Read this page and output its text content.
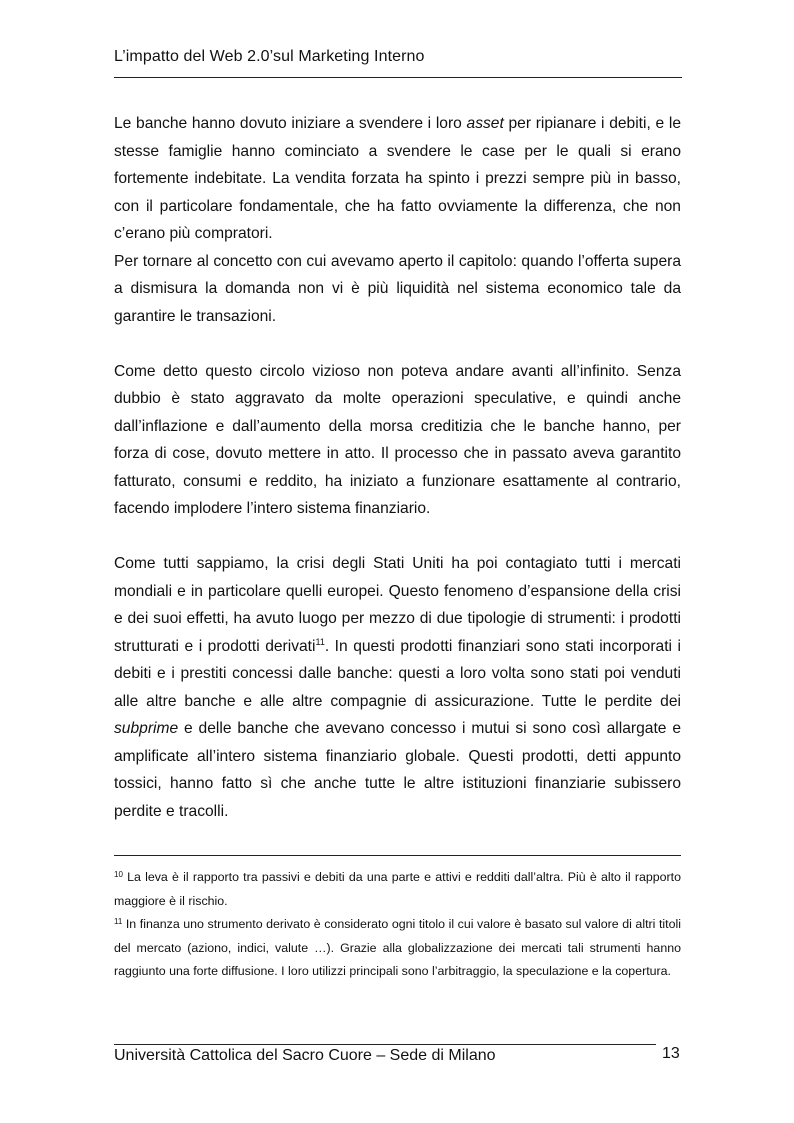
L’impatto del Web 2.0’sul Marketing Interno

Le banche hanno dovuto iniziare a svendere i loro asset per ripianare i debiti, e le stesse famiglie hanno cominciato a svendere le case per le quali si erano fortemente indebitate. La vendita forzata ha spinto i prezzi sempre più in basso, con il particolare fondamentale, che ha fatto ovviamente la differenza, che non c’erano più compratori.

Per tornare al concetto con cui avevamo aperto il capitolo: quando l’offerta supera a dismisura la domanda non vi è più liquidità nel sistema economico tale da garantire le transazioni.

Come detto questo circolo vizioso non poteva andare avanti all’infinito. Senza dubbio è stato aggravato da molte operazioni speculative, e quindi anche dall’inflazione e dall’aumento della morsa creditizia che le banche hanno, per forza di cose, dovuto mettere in atto. Il processo che in passato aveva garantito fatturato, consumi e reddito, ha iniziato a funzionare esattamente al contrario, facendo implodere l’intero sistema finanziario.

Come tutti sappiamo, la crisi degli Stati Uniti ha poi contagiato tutti i mercati mondiali e in particolare quelli europei. Questo fenomeno d’espansione della crisi e dei suoi effetti, ha avuto luogo per mezzo di due tipologie di strumenti: i prodotti strutturati e i prodotti derivati$^{11}$. In questi prodotti finanziari sono stati incorporati i debiti e i prestiti concessi dalle banche: questi a loro volta sono stati poi venduti alle altre banche e alle altre compagnie di assicurazione. Tutte le perdite dei subprime e delle banche che avevano concesso i mutui si sono così allargate e amplificate all’intero sistema finanziario globale. Questi prodotti, detti appunto tossici, hanno fatto sì che anche tutte le altre istituzioni finanziarie subissero perdite e tracolli.

$^{10}$ La leva è il rapporto tra passivi e debiti da una parte e attivi e redditi dall’altra. Più è alto il rapporto maggiore è il rischio.

$^{11}$ In finanza uno strumento derivato è considerato ogni titolo il cui valore è basato sul valore di altri titoli del mercato (aziono, indici, valute …). Grazie alla globalizzazione dei mercati tali strumenti hanno raggiunto una forte diffusione. I loro utilizzi principali sono l’arbitraggio, la speculazione e la copertura.

Università Cattolica del Sacro Cuore – Sede di Milano	13
